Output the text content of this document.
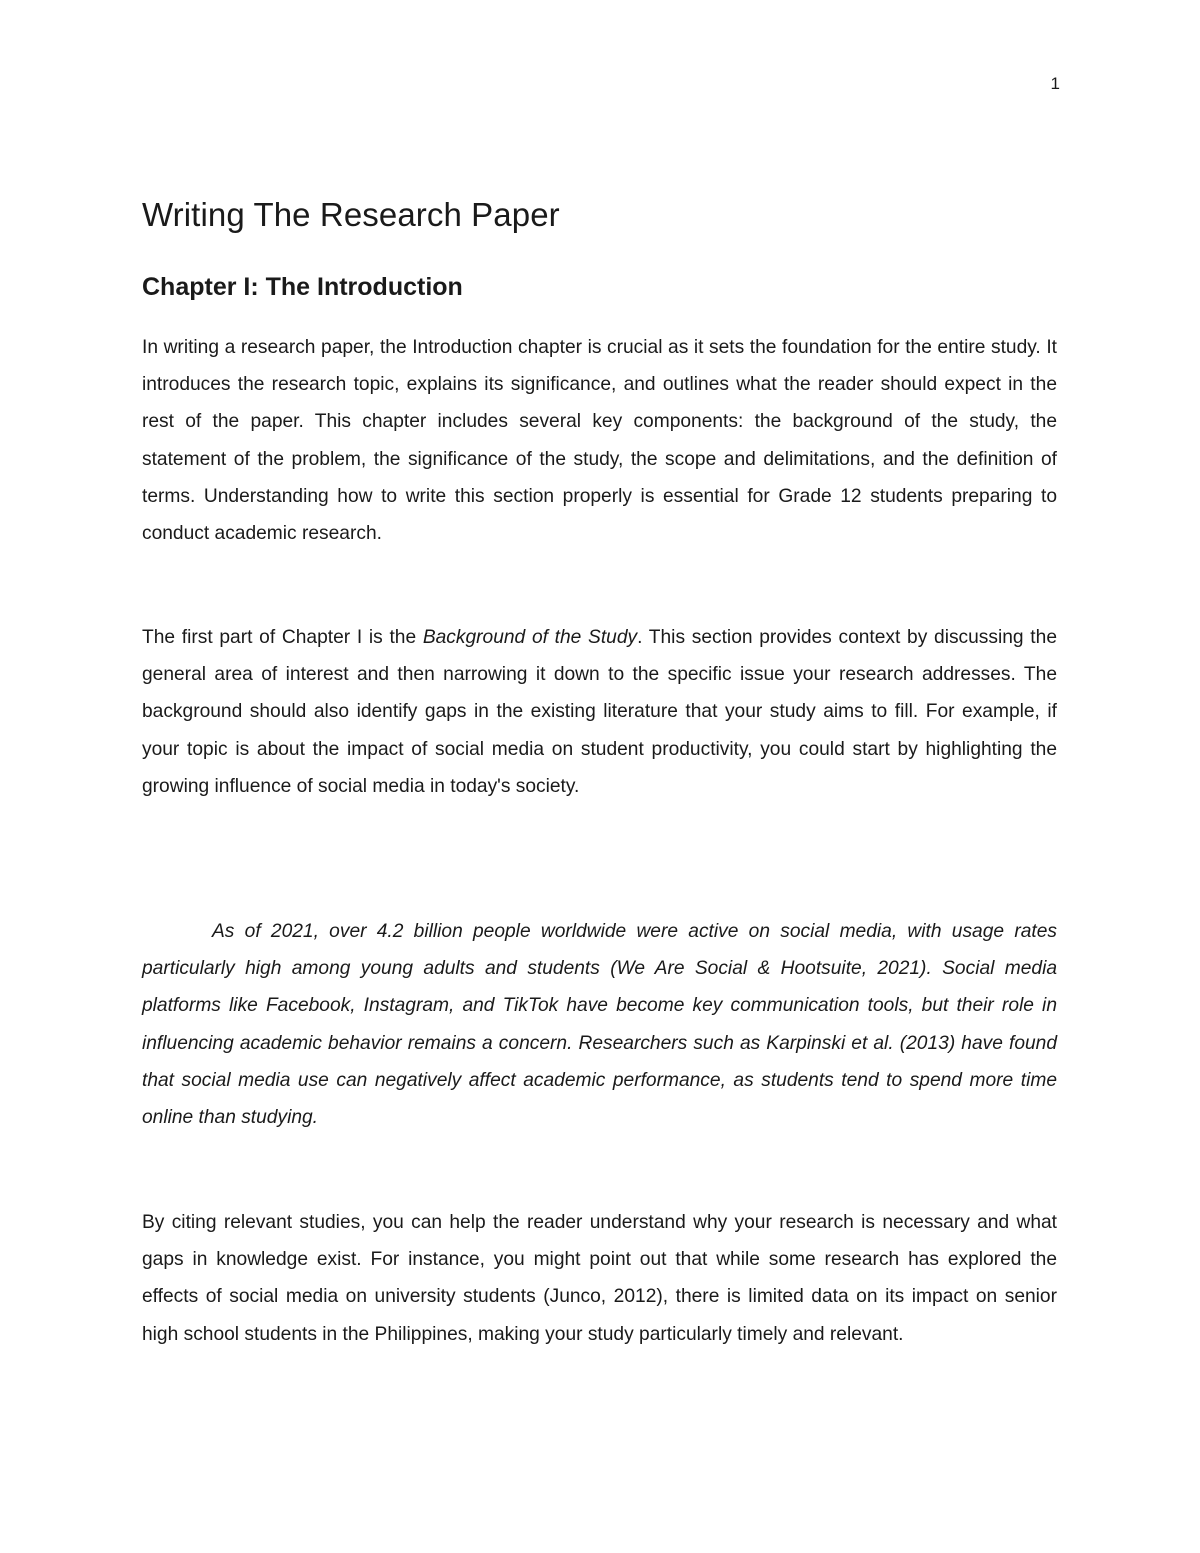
1
Writing The Research Paper
Chapter I: The Introduction

In writing a research paper, the Introduction chapter is crucial as it sets the foundation for the entire study. It introduces the research topic, explains its significance, and outlines what the reader should expect in the rest of the paper. This chapter includes several key components: the background of the study, the statement of the problem, the significance of the study, the scope and delimitations, and the definition of terms. Understanding how to write this section properly is essential for Grade 12 students preparing to conduct academic research.

The first part of Chapter I is the Background of the Study. This section provides context by discussing the general area of interest and then narrowing it down to the specific issue your research addresses. The background should also identify gaps in the existing literature that your study aims to fill. For example, if your topic is about the impact of social media on student productivity, you could start by highlighting the growing influence of social media in today's society.

As of 2021, over 4.2 billion people worldwide were active on social media, with usage rates particularly high among young adults and students (We Are Social & Hootsuite, 2021). Social media platforms like Facebook, Instagram, and TikTok have become key communication tools, but their role in influencing academic behavior remains a concern. Researchers such as Karpinski et al. (2013) have found that social media use can negatively affect academic performance, as students tend to spend more time online than studying.

By citing relevant studies, you can help the reader understand why your research is necessary and what gaps in knowledge exist. For instance, you might point out that while some research has explored the effects of social media on university students (Junco, 2012), there is limited data on its impact on senior high school students in the Philippines, making your study particularly timely and relevant.
